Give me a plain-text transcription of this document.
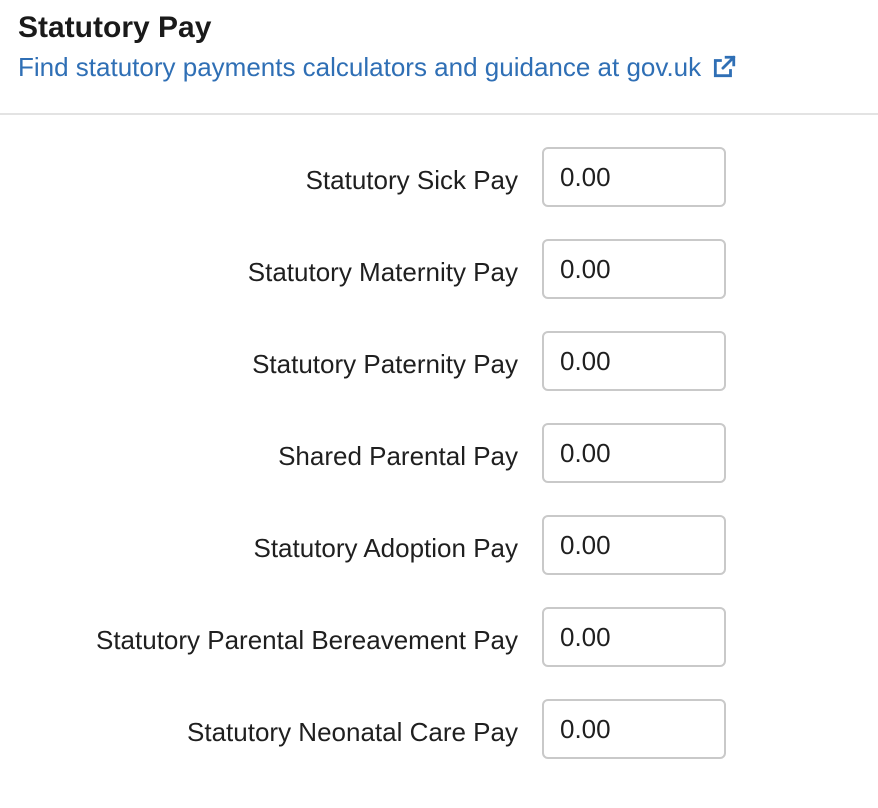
Statutory Pay
Find statutory payments calculators and guidance at gov.uk
Statutory Sick Pay
0.00
Statutory Maternity Pay
0.00
Statutory Paternity Pay
0.00
Shared Parental Pay
0.00
Statutory Adoption Pay
0.00
Statutory Parental Bereavement Pay
0.00
Statutory Neonatal Care Pay
0.00
